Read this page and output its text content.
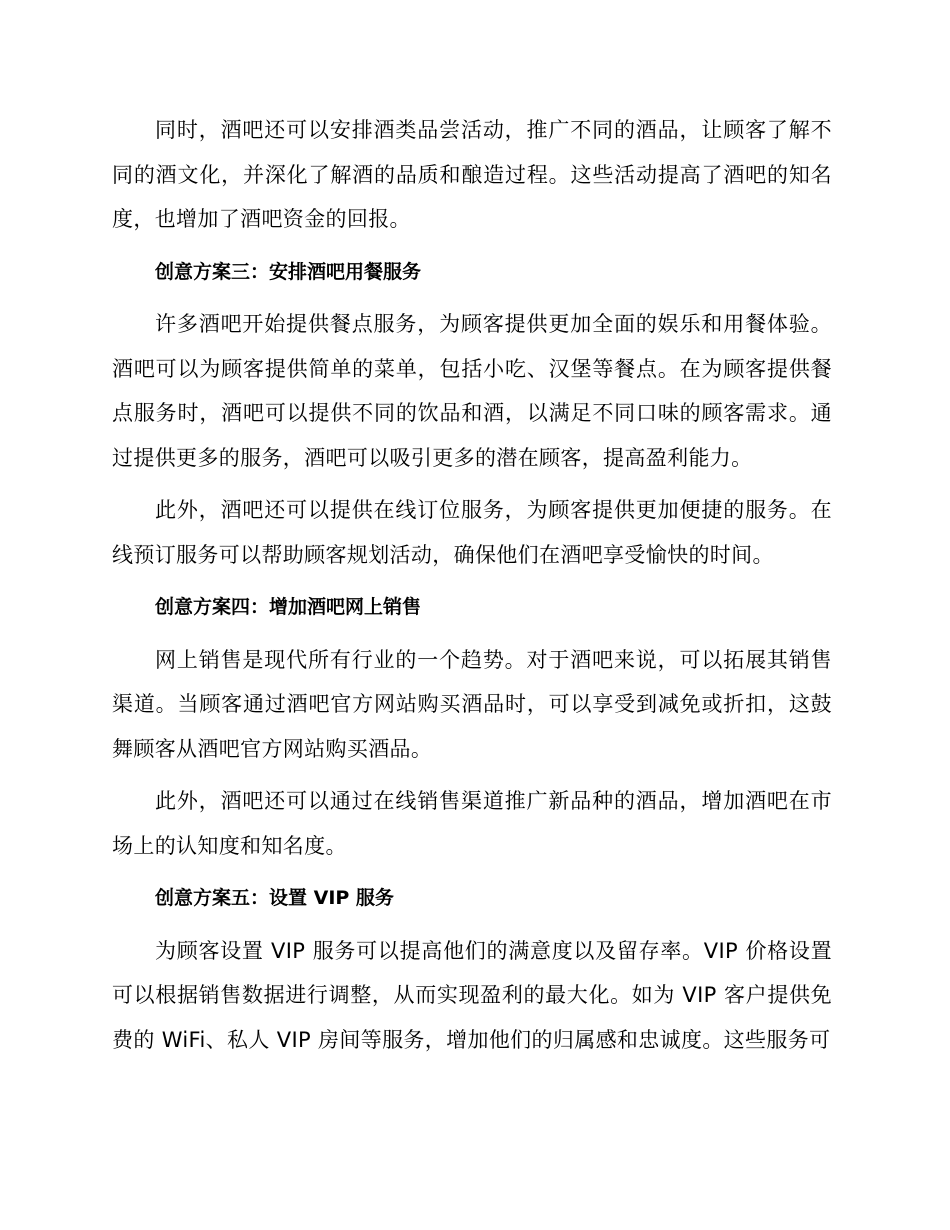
同时，酒吧还可以安排酒类品尝活动，推广不同的酒品，让顾客了解不同的酒文化，并深化了解酒的品质和酿造过程。这些活动提高了酒吧的知名度，也增加了酒吧资金的回报。

创意方案三：安排酒吧用餐服务

许多酒吧开始提供餐点服务，为顾客提供更加全面的娱乐和用餐体验。酒吧可以为顾客提供简单的菜单，包括小吃、汉堡等餐点。在为顾客提供餐点服务时，酒吧可以提供不同的饮品和酒，以满足不同口味的顾客需求。通过提供更多的服务，酒吧可以吸引更多的潜在顾客，提高盈利能力。

此外，酒吧还可以提供在线订位服务，为顾客提供更加便捷的服务。在线预订服务可以帮助顾客规划活动，确保他们在酒吧享受愉快的时间。

创意方案四：增加酒吧网上销售

网上销售是现代所有行业的一个趋势。对于酒吧来说，可以拓展其销售渠道。当顾客通过酒吧官方网站购买酒品时，可以享受到减免或折扣，这鼓舞顾客从酒吧官方网站购买酒品。

此外，酒吧还可以通过在线销售渠道推广新品种的酒品，增加酒吧在市场上的认知度和知名度。

创意方案五：设置 VIP 服务

为顾客设置 VIP 服务可以提高他们的满意度以及留存率。VIP 价格设置可以根据销售数据进行调整，从而实现盈利的最大化。如为 VIP 客户提供免费的 WiFi、私人 VIP 房间等服务，增加他们的归属感和忠诚度。这些服务可
